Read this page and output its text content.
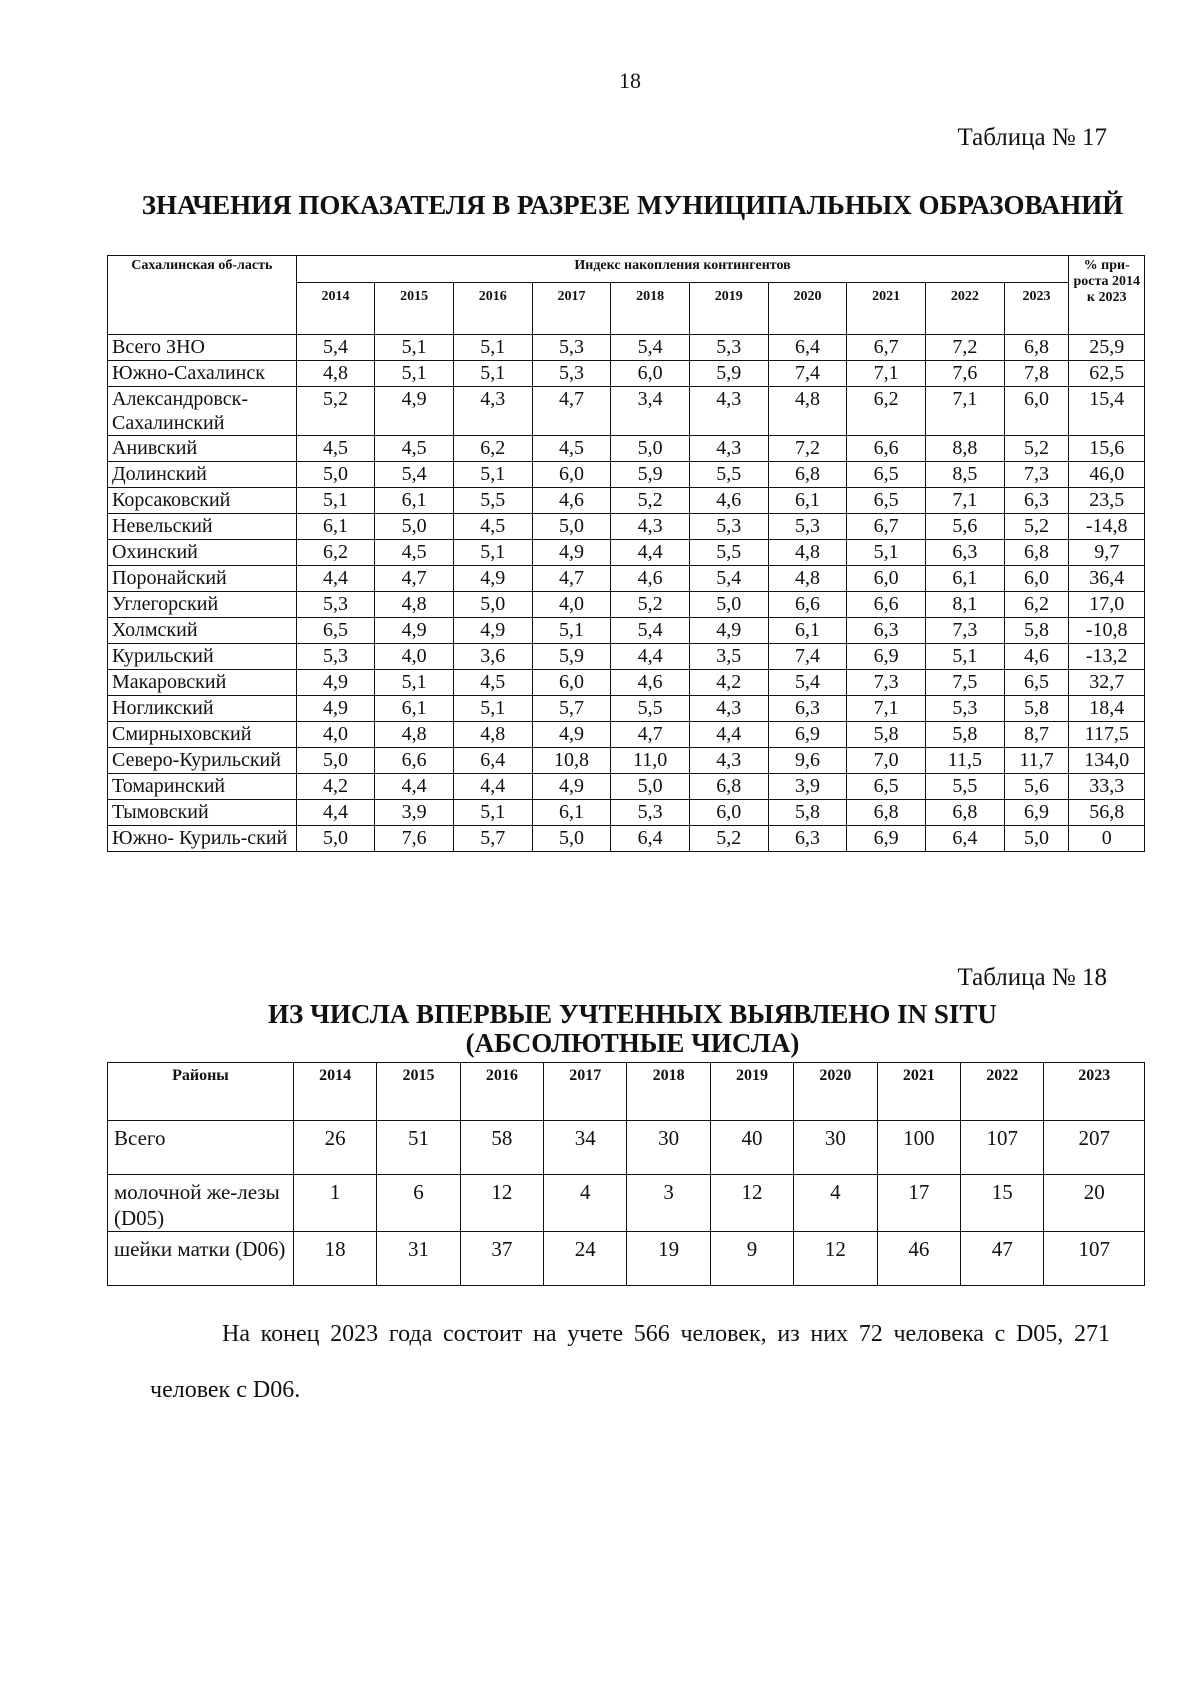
18
Таблица № 17
ЗНАЧЕНИЯ ПОКАЗАТЕЛЯ В РАЗРЕЗЕ МУНИЦИПАЛЬНЫХ ОБРАЗОВАНИЙ
Сахалинская об-ласть	Индекс накопления контингентов										% при-роста 2014 к 2023
	2014	2015	2016	2017	2018	2019	2020	2021	2022	2023	
Всего ЗНО	5,4	5,1	5,1	5,3	5,4	5,3	6,4	6,7	7,2	6,8	25,9
Южно-Сахалинск	4,8	5,1	5,1	5,3	6,0	5,9	7,4	7,1	7,6	7,8	62,5
Александровск-Сахалинский	5,2	4,9	4,3	4,7	3,4	4,3	4,8	6,2	7,1	6,0	15,4
Анивский	4,5	4,5	6,2	4,5	5,0	4,3	7,2	6,6	8,8	5,2	15,6
Долинский	5,0	5,4	5,1	6,0	5,9	5,5	6,8	6,5	8,5	7,3	46,0
Корсаковский	5,1	6,1	5,5	4,6	5,2	4,6	6,1	6,5	7,1	6,3	23,5
Невельский	6,1	5,0	4,5	5,0	4,3	5,3	5,3	6,7	5,6	5,2	-14,8
Охинский	6,2	4,5	5,1	4,9	4,4	5,5	4,8	5,1	6,3	6,8	9,7
Поронайский	4,4	4,7	4,9	4,7	4,6	5,4	4,8	6,0	6,1	6,0	36,4
Углегорский	5,3	4,8	5,0	4,0	5,2	5,0	6,6	6,6	8,1	6,2	17,0
Холмский	6,5	4,9	4,9	5,1	5,4	4,9	6,1	6,3	7,3	5,8	-10,8
Курильский	5,3	4,0	3,6	5,9	4,4	3,5	7,4	6,9	5,1	4,6	-13,2
Макаровский	4,9	5,1	4,5	6,0	4,6	4,2	5,4	7,3	7,5	6,5	32,7
Ногликский	4,9	6,1	5,1	5,7	5,5	4,3	6,3	7,1	5,3	5,8	18,4
Смирныховский	4,0	4,8	4,8	4,9	4,7	4,4	6,9	5,8	5,8	8,7	117,5
Северо-Курильский	5,0	6,6	6,4	10,8	11,0	4,3	9,6	7,0	11,5	11,7	134,0
Томаринский	4,2	4,4	4,4	4,9	5,0	6,8	3,9	6,5	5,5	5,6	33,3
Тымовский	4,4	3,9	5,1	6,1	5,3	6,0	5,8	6,8	6,8	6,9	56,8
Южно- Куриль-ский	5,0	7,6	5,7	5,0	6,4	5,2	6,3	6,9	6,4	5,0	0
Таблица № 18
ИЗ ЧИСЛА ВПЕРВЫЕ УЧТЕННЫХ ВЫЯВЛЕНО IN SITU
(АБСОЛЮТНЫЕ ЧИСЛА)
Районы	2014	2015	2016	2017	2018	2019	2020	2021	2022	2023
Всего	26	51	58	34	30	40	30	100	107	207
молочной же-лезы (D05)	1	6	12	4	3	12	4	17	15	20
шейки матки (D06)	18	31	37	24	19	9	12	46	47	107

На конец 2023 года состоит на учете 566 человек, из них 72 человека с D05, 271 человек с D06.
